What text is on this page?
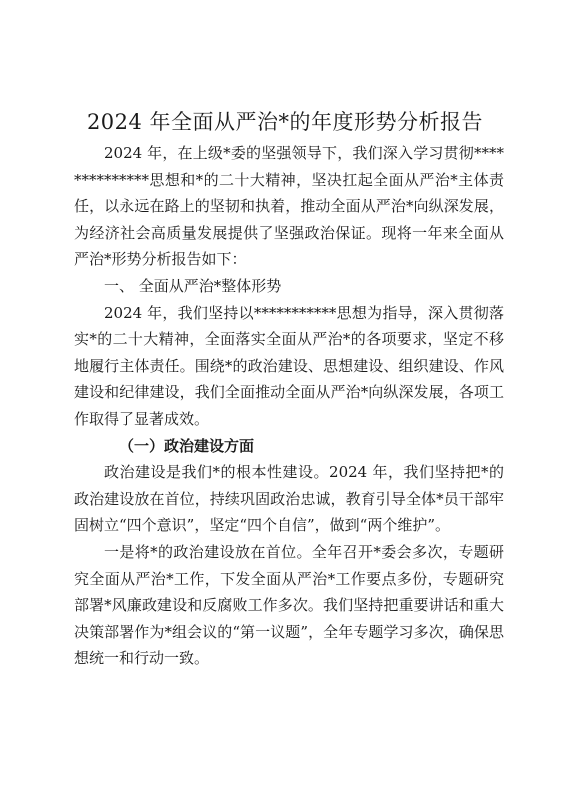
2024 年全面从严治*的年度形势分析报告

2024 年，在上级*委的坚强领导下，我们深入学习贯彻**************思想和*的二十大精神，坚决扛起全面从严治*主体责任，以永远在路上的坚韧和执着，推动全面从严治*向纵深发展，为经济社会高质量发展提供了坚强政治保证。现将一年来全面从严治*形势分析报告如下：

一、 全面从严治*整体形势

2024 年，我们坚持以***********思想为指导，深入贯彻落实*的二十大精神，全面落实全面从严治*的各项要求，坚定不移地履行主体责任。围绕*的政治建设、思想建设、组织建设、作风建设和纪律建设，我们全面推动全面从严治*向纵深发展，各项工作取得了显著成效。

（一）政治建设方面

政治建设是我们*的根本性建设。2024 年，我们坚持把*的政治建设放在首位，持续巩固政治忠诚，教育引导全体*员干部牢固树立“四个意识”，坚定“四个自信”，做到“两个维护”。

一是将*的政治建设放在首位。全年召开*委会多次，专题研究全面从严治*工作，下发全面从严治*工作要点多份，专题研究部署*风廉政建设和反腐败工作多次。我们坚持把重要讲话和重大决策部署作为*组会议的“第一议题”，全年专题学习多次，确保思想统一和行动一致。
